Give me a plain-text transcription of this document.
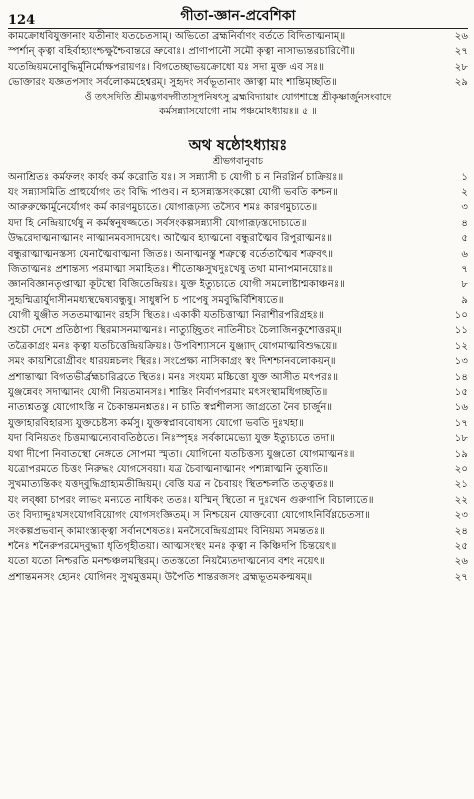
124	গীতা-জ্ঞান-প্রবেশিকা
কামক্রোধবিযুক্তানাং যতীনাং যতচেতসাম্‌। অভিতো ব্রহ্মনির্বাণং বর্ততে বিদিতাত্মনাম্‌॥	২৬
স্পর্শান্‌ কৃত্বা বহির্বাহ্যাংশ্চক্ষুশ্চৈবান্তরে ভ্রুবোঃ। প্রাণাপানৌ সমৌ কৃত্বা নাসাভ্যন্তরচারিণৌ॥	২৭
যতেন্দ্রিয়মনোবুদ্ধির্মুনির্মোক্ষপরায়ণঃ। বিগতেচ্ছাভয়ক্রোধো যঃ সদা মুক্ত এব সঃ॥	২৮
ভোক্তারং যজ্ঞতপসাং সর্বলোকমহেশ্বরম্‌। সুহৃদং সর্বভূতানাং জ্ঞাত্বা মাং শান্তিমৃচ্ছতি॥	২৯
ওঁ তৎসদিতি শ্রীমদ্ভগবদ্গীতাসূপনিষৎসু ব্রহ্মবিদ্যায়াং যোগশাস্ত্রে শ্রীকৃষ্ণার্জুনসংবাদে
কর্মসন্ন্যাসযোগো নাম পঞ্চমোঽধ্যায়ঃ॥ ৫ ॥
অথ ষষ্ঠোঽধ্যায়ঃ
শ্রীভগবানুবাচ
অনাশ্রিতঃ কর্মফলং কার্যং কর্ম করোতি যঃ। স সন্ন্যাসী চ যোগী চ ন নিরগ্নির্ন চাক্রিয়ঃ॥	১
যং সন্ন্যাসমিতি প্রাহুর্যোগং তং বিদ্ধি পাণ্ডব। ন হ্যসন্ন্যস্তসংকল্পো যোগী ভবতি কশ্চন॥	২
আরুরুক্ষোর্মুনের্যোগং কর্ম কারণমুচ্যতে। যোগারূঢ়স্য তস্যৈব শমঃ কারণমুচ্যতে॥	৩
যদা হি নেন্দ্রিয়ার্থেষু ন কর্মস্বনুষজ্জতে। সর্বসংকল্পসন্ন্যাসী যোগারূঢ়স্তদোচ্যতে॥	৪
উদ্ধরেদাত্মনাত্মানং নাত্মানমবসাদয়েৎ। আত্মৈব হ্যাত্মনো বন্ধুরাত্মৈব রিপুরাত্মনঃ॥	৫
বন্ধুরাত্মাত্মনস্তস্য যেনাত্মৈবাত্মনা জিতঃ। অনাত্মনস্তু শত্রুত্বে বর্তেতাত্মৈব শত্রুবৎ॥	৬
জিতাত্মনঃ প্রশান্তস্য পরমাত্মা সমাহিতঃ। শীতোষ্ণসুখদুঃখেষু তথা মানাপমানয়োঃ॥	৭
জ্ঞানবিজ্ঞানতৃপ্তাত্মা কূটস্থো বিজিতেন্দ্রিয়ঃ। যুক্ত ইত্যুচ্যতে যোগী সমলোষ্টাশ্মকাঞ্চনঃ॥	৮
সুহৃন্মিত্রার্যুদাসীনমধ্যস্থদ্বেষ্যবন্ধুষু। সাধুষ্বপি চ পাপেষু সমবুদ্ধির্বিশিষ্যতে॥	৯
যোগী যুঞ্জীত সততমাত্মানং রহসি স্থিতঃ। একাকী যতচিত্তাত্মা নিরাশীরপরিগ্রহঃ॥	১০
শুচৌ দেশে প্রতিষ্ঠাপ্য স্থিরমাসনমাত্মনঃ। নাত্যুচ্ছ্রিতং নাতিনীচং চৈলাজিনকুশোত্তরম্‌॥	১১
তত্রৈকাগ্রং মনঃ কৃত্বা যতচিত্তেন্দ্রিয়ক্রিয়ঃ। উপবিশ্যাসনে যুঞ্জ্যাদ্‌ যোগমাত্মবিশুদ্ধয়ে॥	১২
সমং কায়শিরোগ্রীবং ধারয়ন্নচলং স্থিরঃ। সংপ্রেক্ষ্য নাসিকাগ্রং স্বং দিশশ্চানবলোকয়ন্‌॥	১৩
প্রশান্তাত্মা বিগতভীর্ব্রহ্মচারিব্রতে স্থিতঃ। মনঃ সংযম্য মচ্চিত্তো যুক্ত আসীত মৎপরঃ॥	১৪
যুঞ্জন্নেবং সদাত্মানং যোগী নিয়তমানসঃ। শান্তিং নির্বাণপরমাং মৎসংস্থামধিগচ্ছতি॥	১৫
নাত্যশ্নতস্তু যোগোঽস্তি ন চৈকান্তমনশ্নতঃ। ন চাতি স্বপ্নশীলস্য জাগ্রতো নৈব চার্জুন॥	১৬
যুক্তাহারবিহারস্য যুক্তচেষ্টস্য কর্মসু। যুক্তস্বপ্নাববোধস্য যোগো ভবতি দুঃখহা॥	১৭
যদা বিনিয়তং চিত্তমাত্মন্যেবাবতিষ্ঠতে। নিঃস্পৃহঃ সর্বকামেভ্যো যুক্ত ইত্যুচ্যতে তদা॥	১৮
যথা দীপো নিবাতস্থো নেঙ্গতে সোপমা স্মৃতা। যোগিনো যতচিত্তস্য যুঞ্জতো যোগমাত্মনঃ॥	১৯
যত্রোপরমতে চিত্তং নিরুদ্ধং যোগসেবয়া। যত্র চৈবাত্মনাত্মানং পশ্যন্নাত্মনি তুষ্যতি॥	২০
সুখমাত্যন্তিকং যত্তদ্‌বুদ্ধিগ্রাহ্যমতীন্দ্রিয়ম্‌। বেত্তি যত্র ন চৈবায়ং স্থিতশ্চলতি তত্ত্বতঃ॥	২১
যং লব্ধ্বা চাপরং লাভং মন্যতে নাধিকং ততঃ। যস্মিন্‌ স্থিতো ন দুঃখেন গুরুণাপি বিচাল্যতে॥	২২
তং বিদ্যাদ্দুঃখসংযোগবিয়োগং যোগসংজ্ঞিতম্‌। স নিশ্চয়েন যোক্তব্যো যোগোঽনির্বিণ্ণচেতসা॥	২৩
সংকল্পপ্রভবান্‌ কামাংস্ত্যক্ত্বা সর্বানশেষতঃ। মনসৈবেন্দ্রিয়গ্রামং বিনিয়ম্য সমন্ততঃ॥	২৪
শনৈঃ শনৈরুপরমেদ্‌বুদ্ধ্যা ধৃতিগৃহীতয়া। আত্মসংস্থং মনঃ কৃত্বা ন কিঞ্চিদপি চিন্তয়েৎ॥	২৫
যতো যতো নিশ্চরতি মনশ্চঞ্চলমস্থিরম্‌। ততস্ততো নিয়ম্যৈতদাত্মন্যেব বশং নয়েৎ॥	২৬
প্রশান্তমনসং হ্যেনং যোগিনং সুখমুত্তমম্‌। উপৈতি শান্তরজসং ব্রহ্মভূতমকল্মষম্‌॥	২৭
